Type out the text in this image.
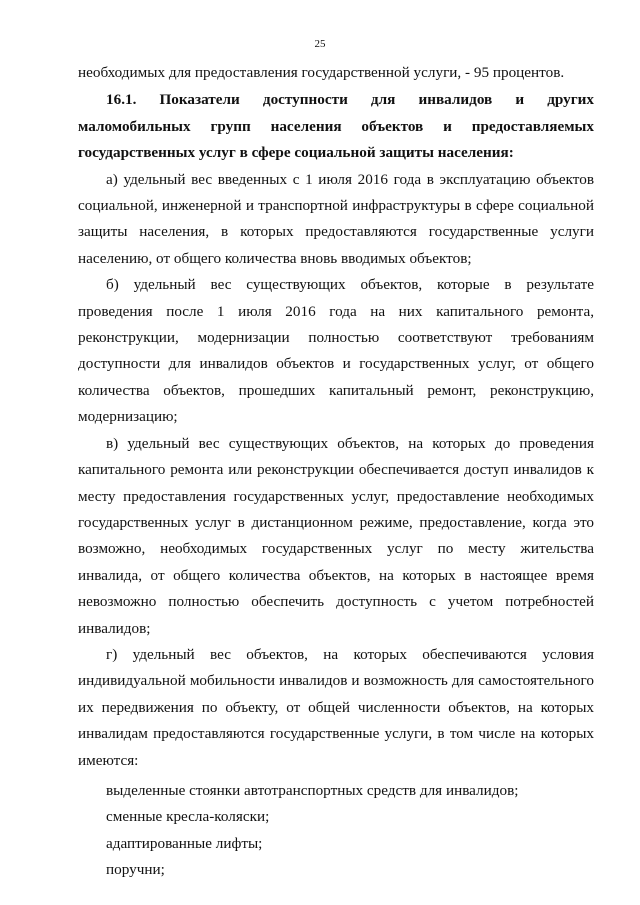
25

необходимых для предоставления государственной услуги, - 95 процентов.

16.1. Показатели доступности для инвалидов и других маломобильных групп населения объектов и предоставляемых государственных услуг в сфере социальной защиты населения:

а) удельный вес введенных с 1 июля 2016 года в эксплуатацию объектов социальной, инженерной и транспортной инфраструктуры в сфере социальной защиты населения, в которых предоставляются государственные услуги населению, от общего количества вновь вводимых объектов;

б) удельный вес существующих объектов, которые в результате проведения после 1 июля 2016 года на них капитального ремонта, реконструкции, модернизации полностью соответствуют требованиям доступности для инвалидов объектов и государственных услуг, от общего количества объектов, прошедших капитальный ремонт, реконструкцию, модернизацию;

в) удельный вес существующих объектов, на которых до проведения капитального ремонта или реконструкции обеспечивается доступ инвалидов к месту предоставления государственных услуг, предоставление необходимых государственных услуг в дистанционном режиме, предоставление, когда это возможно, необходимых государственных услуг по месту жительства инвалида, от общего количества объектов, на которых в настоящее время невозможно полностью обеспечить доступность с учетом потребностей инвалидов;

г) удельный вес объектов, на которых обеспечиваются условия индивидуальной мобильности инвалидов и возможность для самостоятельного их передвижения по объекту, от общей численности объектов, на которых инвалидам предоставляются государственные услуги, в том числе на которых имеются:

выделенные стоянки автотранспортных средств для инвалидов;

сменные кресла-коляски;

адаптированные лифты;

поручни;
